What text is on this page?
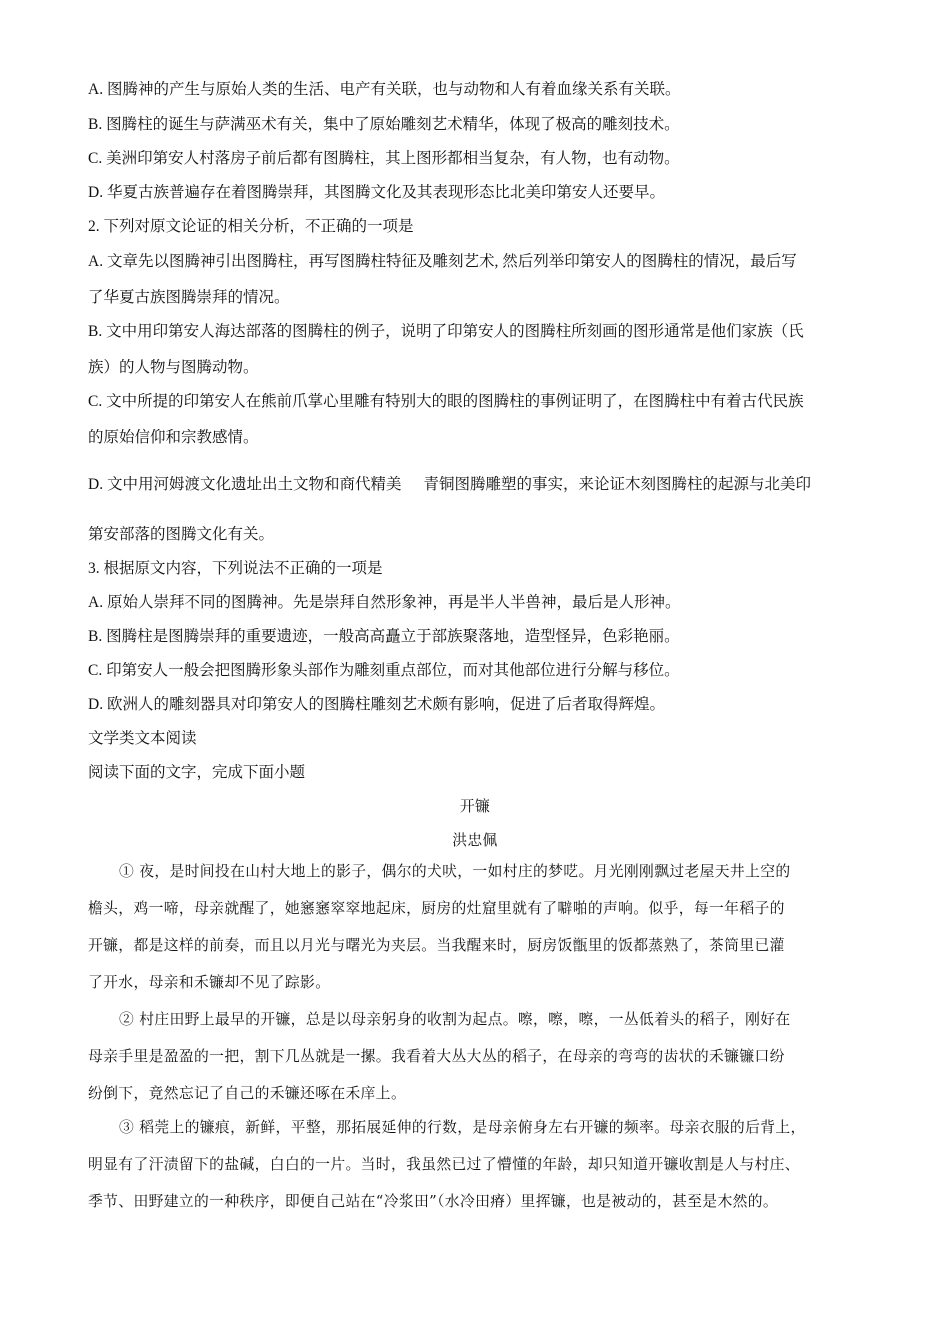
A. 图腾神的产生与原始人类的生活、电产有关联，也与动物和人有着血缘关系有关联。
B. 图腾柱的诞生与萨满巫术有关，集中了原始雕刻艺术精华，体现了极高的雕刻技术。
C. 美洲印第安人村落房子前后都有图腾柱，其上图形都相当复杂，有人物，也有动物。
D. 华夏古族普遍存在着图腾崇拜，其图腾文化及其表现形态比北美印第安人还要早。
2. 下列对原文论证的相关分析，不正确的一项是
A. 文章先以图腾神引出图腾柱，再写图腾柱特征及雕刻艺术, 然后列举印第安人的图腾柱的情况，最后写
了华夏古族图腾崇拜的情况。
B. 文中用印第安人海达部落的图腾柱的例子，说明了印第安人的图腾柱所刻画的图形通常是他们家族（氏
族）的人物与图腾动物。
C. 文中所提的印第安人在熊前爪掌心里雕有特别大的眼的图腾柱的事例证明了，在图腾柱中有着古代民族
的原始信仰和宗教感情。
D. 文中用河姆渡文化遗址出土文物和商代精美 青铜图腾雕塑的事实，来论证木刻图腾柱的起源与北美印
第安部落的图腾文化有关。
3. 根据原文内容，下列说法不正确的一项是
A. 原始人崇拜不同的图腾神。先是崇拜自然形象神，再是半人半兽神，最后是人形神。
B. 图腾柱是图腾崇拜的重要遗迹，一般高高矗立于部族聚落地，造型怪异，色彩艳丽。
C. 印第安人一般会把图腾形象头部作为雕刻重点部位，而对其他部位进行分解与移位。
D. 欧洲人的雕刻器具对印第安人的图腾柱雕刻艺术颇有影响，促进了后者取得辉煌。
文学类文本阅读
阅读下面的文字，完成下面小题
开镰
洪忠佩
① 夜，是时间投在山村大地上的影子，偶尔的犬吠，一如村庄的梦呓。月光刚刚飘过老屋天井上空的
檐头，鸡一啼，母亲就醒了，她窸窸窣窣地起床，厨房的灶窟里就有了噼啪的声响。似乎，每一年稻子的
开镰，都是这样的前奏，而且以月光与曙光为夹层。当我醒来时，厨房饭甑里的饭都蒸熟了，茶筒里已灌
了开水，母亲和禾镰却不见了踪影。
② 村庄田野上最早的开镰，总是以母亲躬身的收割为起点。嚓，嚓，嚓，一丛低着头的稻子，刚好在
母亲手里是盈盈的一把，割下几丛就是一摞。我看着大丛大丛的稻子，在母亲的弯弯的齿状的禾镰镰口纷
纷倒下，竟然忘记了自己的禾镰还啄在禾庠上。
③ 稻莞上的镰痕，新鲜，平整，那拓展延伸的行数，是母亲俯身左右开镰的频率。母亲衣服的后背上，
明显有了汗渍留下的盐碱，白白的一片。当时，我虽然已过了懵懂的年龄，却只知道开镰收割是人与村庄、
季节、田野建立的一种秩序，即便自己站在“冷浆田”（水冷田瘠）里挥镰，也是被动的，甚至是木然的。
